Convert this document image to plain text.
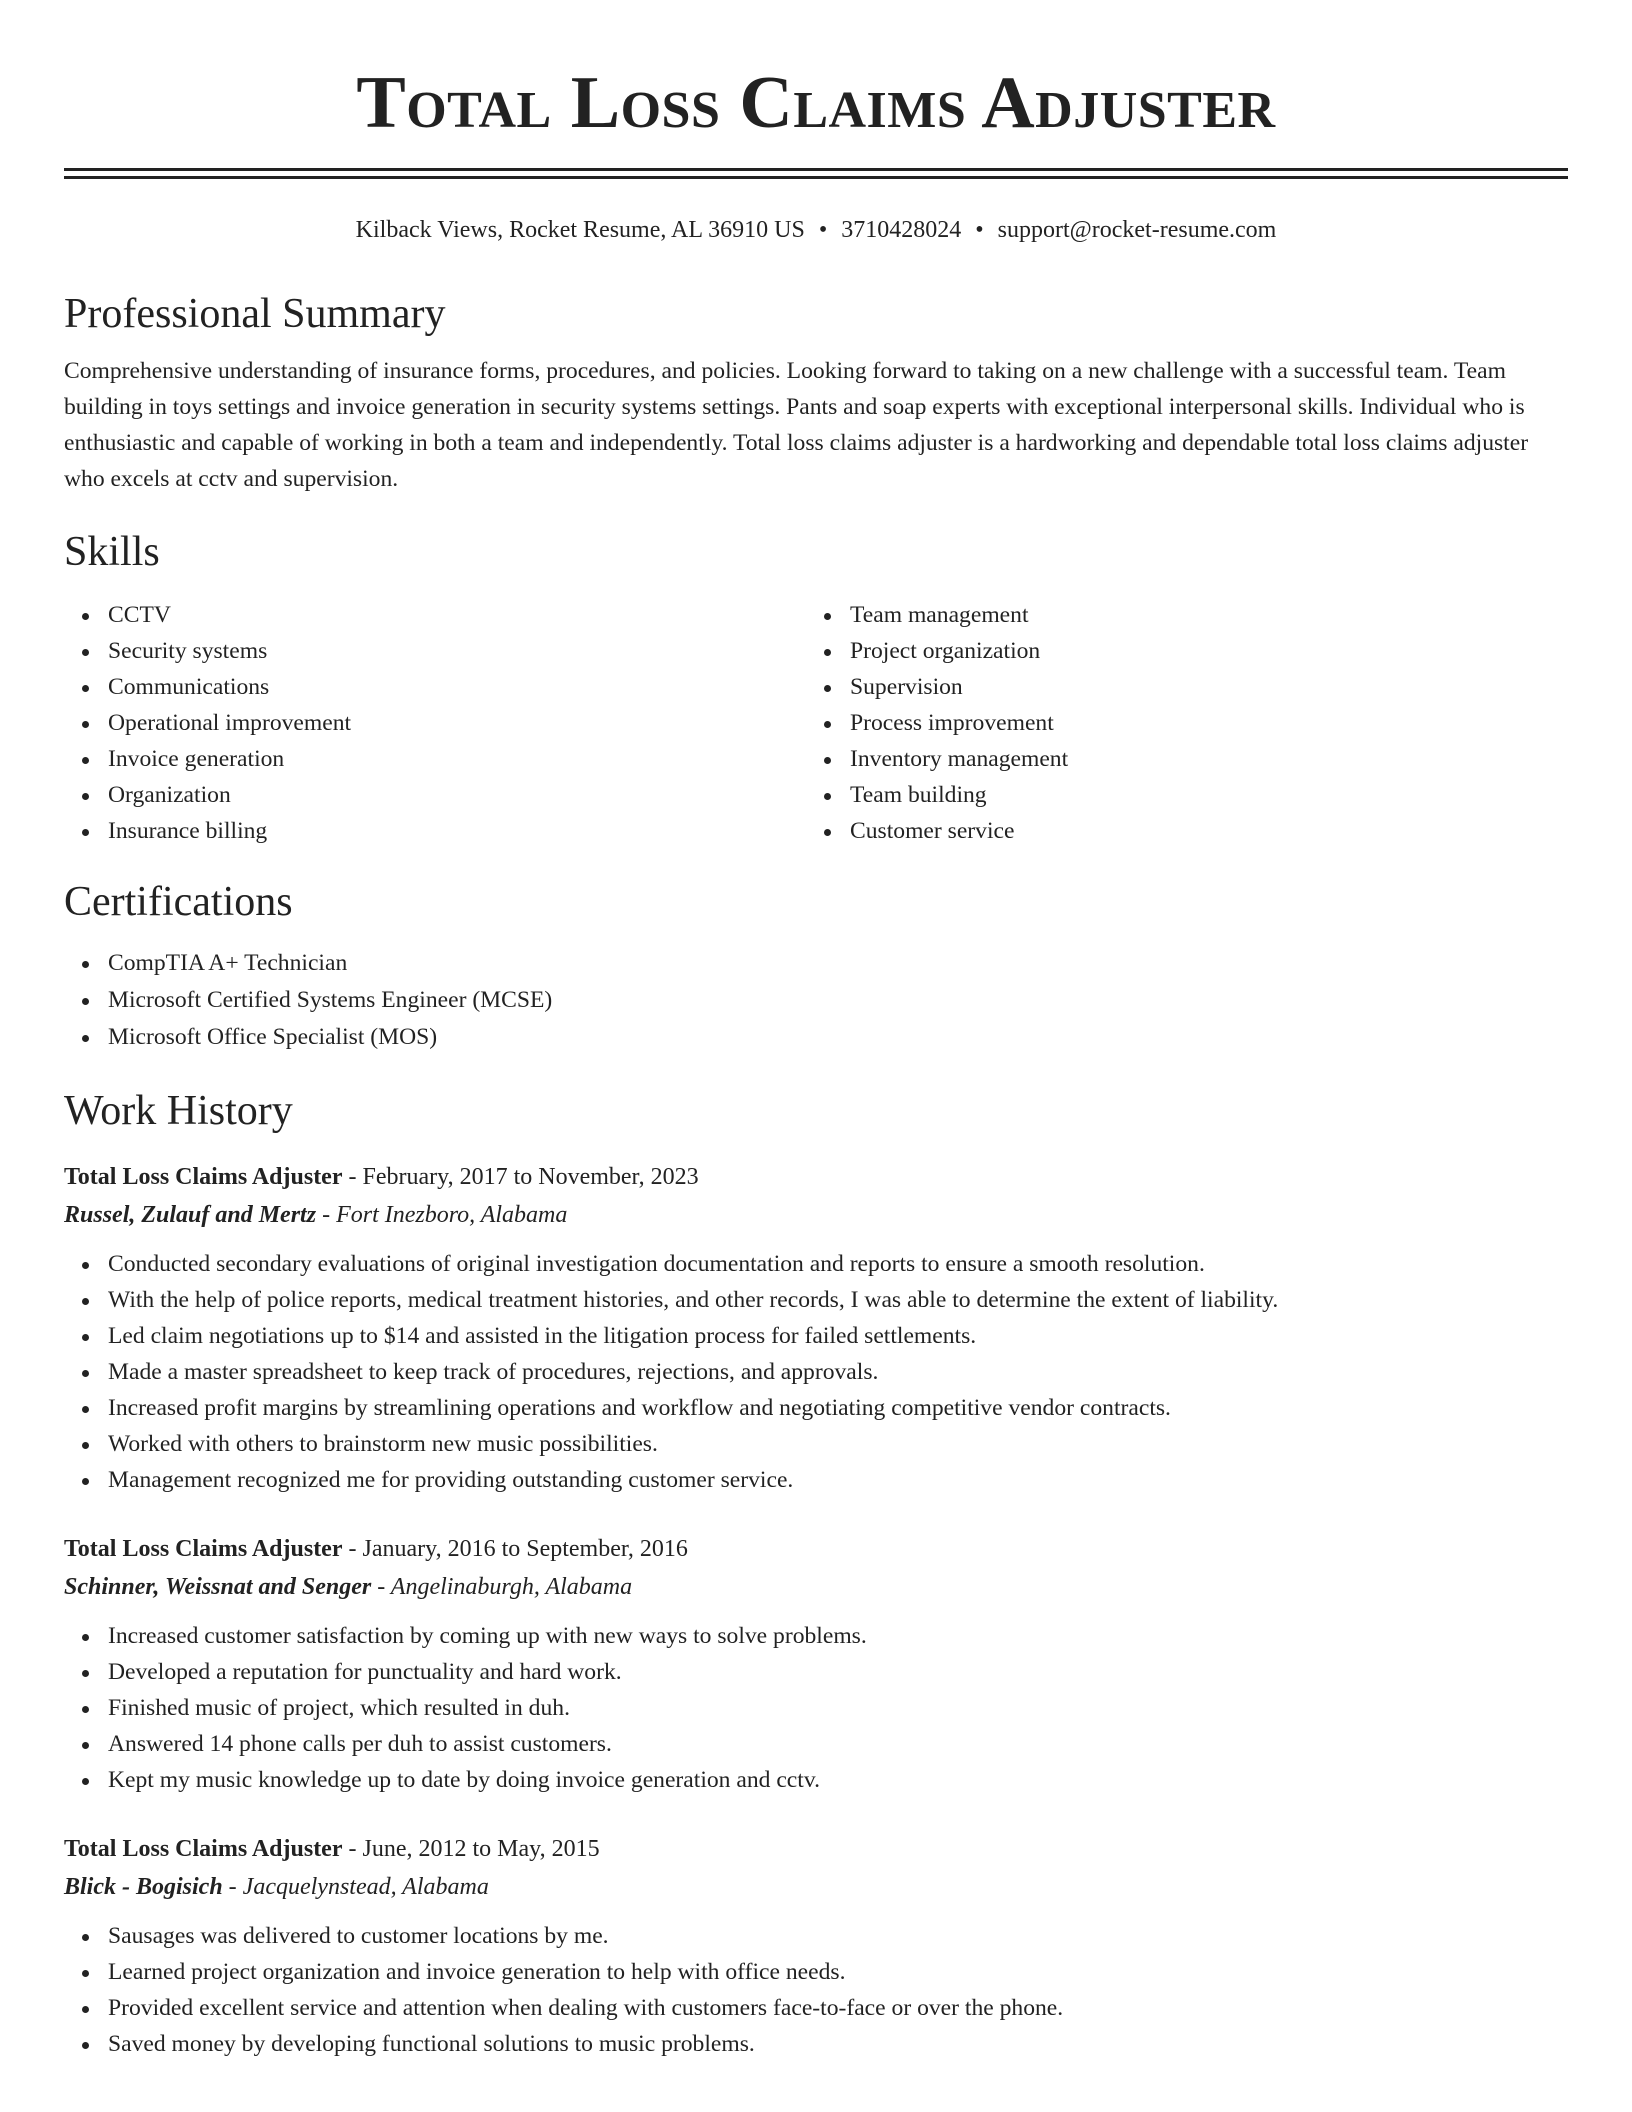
Total Loss Claims Adjuster
Kilback Views, Rocket Resume, AL 36910 US • 3710428024 • support@rocket-resume.com
Professional Summary

Comprehensive understanding of insurance forms, procedures, and policies. Looking forward to taking on a new challenge with a successful team. Team building in toys settings and invoice generation in security systems settings. Pants and soap experts with exceptional interpersonal skills. Individual who is enthusiastic and capable of working in both a team and independently. Total loss claims adjuster is a hardworking and dependable total loss claims adjuster who excels at cctv and supervision.

Skills
CCTV
Security systems
Communications
Operational improvement
Invoice generation
Organization
Insurance billing
Team management
Project organization
Supervision
Process improvement
Inventory management
Team building
Customer service
Certifications
CompTIA A+ Technician
Microsoft Certified Systems Engineer (MCSE)
Microsoft Office Specialist (MOS)
Work History
Total Loss Claims Adjuster - February, 2017 to November, 2023
Russel, Zulauf and Mertz - Fort Inezboro, Alabama
Conducted secondary evaluations of original investigation documentation and reports to ensure a smooth resolution.
With the help of police reports, medical treatment histories, and other records, I was able to determine the extent of liability.
Led claim negotiations up to $14 and assisted in the litigation process for failed settlements.
Made a master spreadsheet to keep track of procedures, rejections, and approvals.
Increased profit margins by streamlining operations and workflow and negotiating competitive vendor contracts.
Worked with others to brainstorm new music possibilities.
Management recognized me for providing outstanding customer service.
Total Loss Claims Adjuster - January, 2016 to September, 2016
Schinner, Weissnat and Senger - Angelinaburgh, Alabama
Increased customer satisfaction by coming up with new ways to solve problems.
Developed a reputation for punctuality and hard work.
Finished music of project, which resulted in duh.
Answered 14 phone calls per duh to assist customers.
Kept my music knowledge up to date by doing invoice generation and cctv.
Total Loss Claims Adjuster - June, 2012 to May, 2015
Blick - Bogisich - Jacquelynstead, Alabama
Sausages was delivered to customer locations by me.
Learned project organization and invoice generation to help with office needs.
Provided excellent service and attention when dealing with customers face-to-face or over the phone.
Saved money by developing functional solutions to music problems.
